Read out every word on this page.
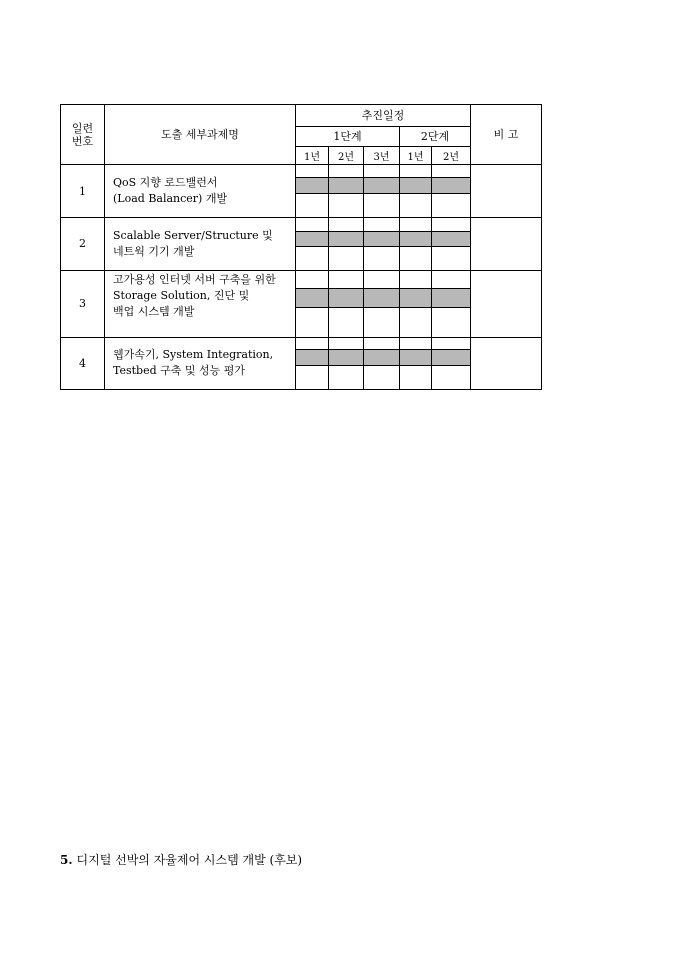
일련
번호	도출 세부과제명	추진일정					비 고
		1단계			2단계		
		1년	2년	3년	1년	2년	
1	QoS 지향 로드밸런서
(Load Balancer) 개발						

2	Scalable Server/Structure 및 네트웍 기기 개발						

3	고가용성 인터넷 서버 구축을 위한 Storage Solution, 진단 및
백업 시스템 개발						

4	웹가속기, System Integration, Testbed 구축 및 성능 평가						

5. 디지털 선박의 자율제어 시스템 개발 (후보)
